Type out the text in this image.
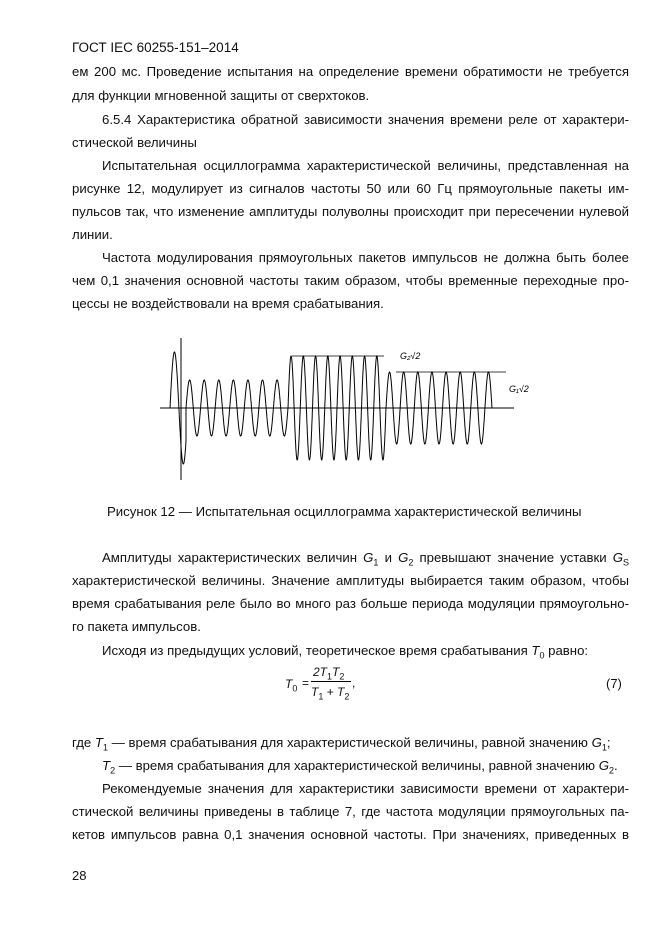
ГОСТ IEC 60255-151–2014
ем 200 мс. Проведение испытания на определение времени обратимости не требуется
для функции мгновенной защиты от сверхтоков.
6.5.4 Характеристика обратной зависимости значения времени реле от характери-
стической величины
Испытательная осциллограмма характеристической величины, представленная на
рисунке 12, модулирует из сигналов частоты 50 или 60 Гц прямоугольные пакеты им-
пульсов так, что изменение амплитуды полуволны происходит при пересечении нулевой
линии.
Частота модулирования прямоугольных пакетов импульсов не должна быть более
чем 0,1 значения основной частоты таким образом, чтобы временные переходные про-
цессы не воздействовали на время срабатывания.
G₂√2
G₁√2
Рисунок 12 — Испытательная осциллограмма характеристической величины
Амплитуды характеристических величин $G_1$ и $G_2$ превышают значение уставки $G_S$
характеристической величины. Значение амплитуды выбирается таким образом, чтобы
время срабатывания реле было во много раз больше периода модуляции прямоугольно-
го пакета импульсов.
Исходя из предыдущих условий, теоретическое время срабатывания $T_0$ равно:
$T_0$ =
$2T_1T_2$
$T_1 + T_2$
,	(7)
где $T_1$ — время срабатывания для характеристической величины, равной значению $G_1$;
$T_2$ — время срабатывания для характеристической величины, равной значению $G_2$.
Рекомендуемые значения для характеристики зависимости времени от характери-
стической величины приведены в таблице 7, где частота модуляции прямоугольных па-
кетов импульсов равна 0,1 значения основной частоты. При значениях, приведенных в
28
